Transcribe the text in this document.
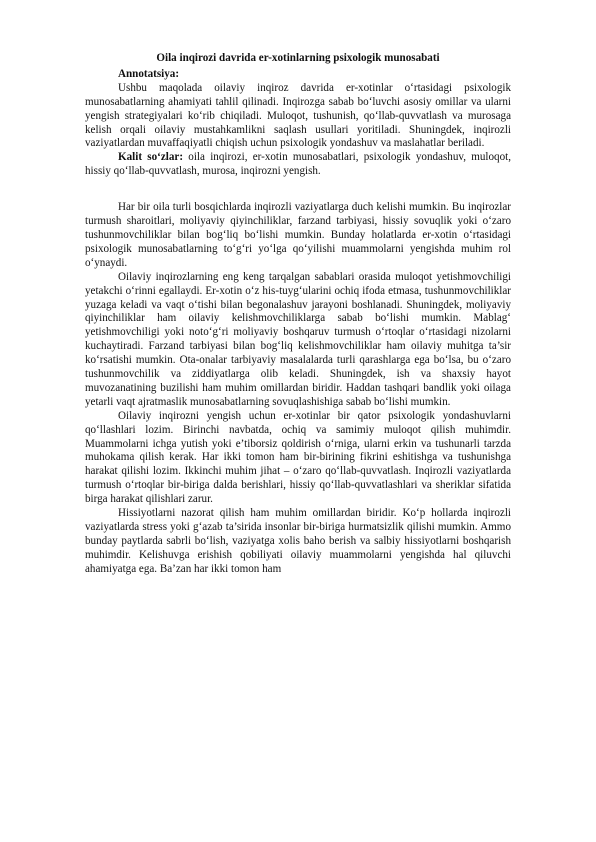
Oila inqirozi davrida er-xotinlarning psixologik munosabati
Annotatsiya:

Ushbu maqolada oilaviy inqiroz davrida er-xotinlar o‘rtasidagi psixologik munosabatlarning ahamiyati tahlil qilinadi. Inqirozga sabab bo‘luvchi asosiy omillar va ularni yengish strategiyalari ko‘rib chiqiladi. Muloqot, tushunish, qo‘llab-quvvatlash va murosaga kelish orqali oilaviy mustahkamlikni saqlash usullari yoritiladi. Shuningdek, inqirozli vaziyatlardan muvaffaqiyatli chiqish uchun psixologik yondashuv va maslahatlar beriladi.

Kalit so‘zlar: oila inqirozi, er-xotin munosabatlari, psixologik yondashuv, muloqot, hissiy qo‘llab-quvvatlash, murosa, inqirozni yengish.

Har bir oila turli bosqichlarda inqirozli vaziyatlarga duch kelishi mumkin. Bu inqirozlar turmush sharoitlari, moliyaviy qiyinchiliklar, farzand tarbiyasi, hissiy sovuqlik yoki o‘zaro tushunmovchiliklar bilan bog‘liq bo‘lishi mumkin. Bunday holatlarda er-xotin o‘rtasidagi psixologik munosabatlarning to‘g‘ri yo‘lga qo‘yilishi muammolarni yengishda muhim rol o‘ynaydi.

Oilaviy inqirozlarning eng keng tarqalgan sabablari orasida muloqot yetishmovchiligi yetakchi o‘rinni egallaydi. Er-xotin o‘z his-tuyg‘ularini ochiq ifoda etmasa, tushunmovchiliklar yuzaga keladi va vaqt o‘tishi bilan begonalashuv jarayoni boshlanadi. Shuningdek, moliyaviy qiyinchiliklar ham oilaviy kelishmovchiliklarga sabab bo‘lishi mumkin. Mablag‘ yetishmovchiligi yoki noto‘g‘ri moliyaviy boshqaruv turmush o‘rtoqlar o‘rtasidagi nizolarni kuchaytiradi. Farzand tarbiyasi bilan bog‘liq kelishmovchiliklar ham oilaviy muhitga ta’sir ko‘rsatishi mumkin. Ota-onalar tarbiyaviy masalalarda turli qarashlarga ega bo‘lsa, bu o‘zaro tushunmovchilik va ziddiyatlarga olib keladi. Shuningdek, ish va shaxsiy hayot muvozanatining buzilishi ham muhim omillardan biridir. Haddan tashqari bandlik yoki oilaga yetarli vaqt ajratmaslik munosabatlarning sovuqlashishiga sabab bo‘lishi mumkin.

Oilaviy inqirozni yengish uchun er-xotinlar bir qator psixologik yondashuvlarni qo‘llashlari lozim. Birinchi navbatda, ochiq va samimiy muloqot qilish muhimdir. Muammolarni ichga yutish yoki e’tiborsiz qoldirish o‘rniga, ularni erkin va tushunarli tarzda muhokama qilish kerak. Har ikki tomon ham bir-birining fikrini eshitishga va tushunishga harakat qilishi lozim. Ikkinchi muhim jihat – o‘zaro qo‘llab-quvvatlash. Inqirozli vaziyatlarda turmush o‘rtoqlar bir-biriga dalda berishlari, hissiy qo‘llab-quvvatlashlari va sheriklar sifatida birga harakat qilishlari zarur.

Hissiyotlarni nazorat qilish ham muhim omillardan biridir. Ko‘p hollarda inqirozli vaziyatlarda stress yoki g‘azab ta’sirida insonlar bir-biriga hurmatsizlik qilishi mumkin. Ammo bunday paytlarda sabrli bo‘lish, vaziyatga xolis baho berish va salbiy hissiyotlarni boshqarish muhimdir. Kelishuvga erishish qobiliyati oilaviy muammolarni yengishda hal qiluvchi ahamiyatga ega. Ba’zan har ikki tomon ham
